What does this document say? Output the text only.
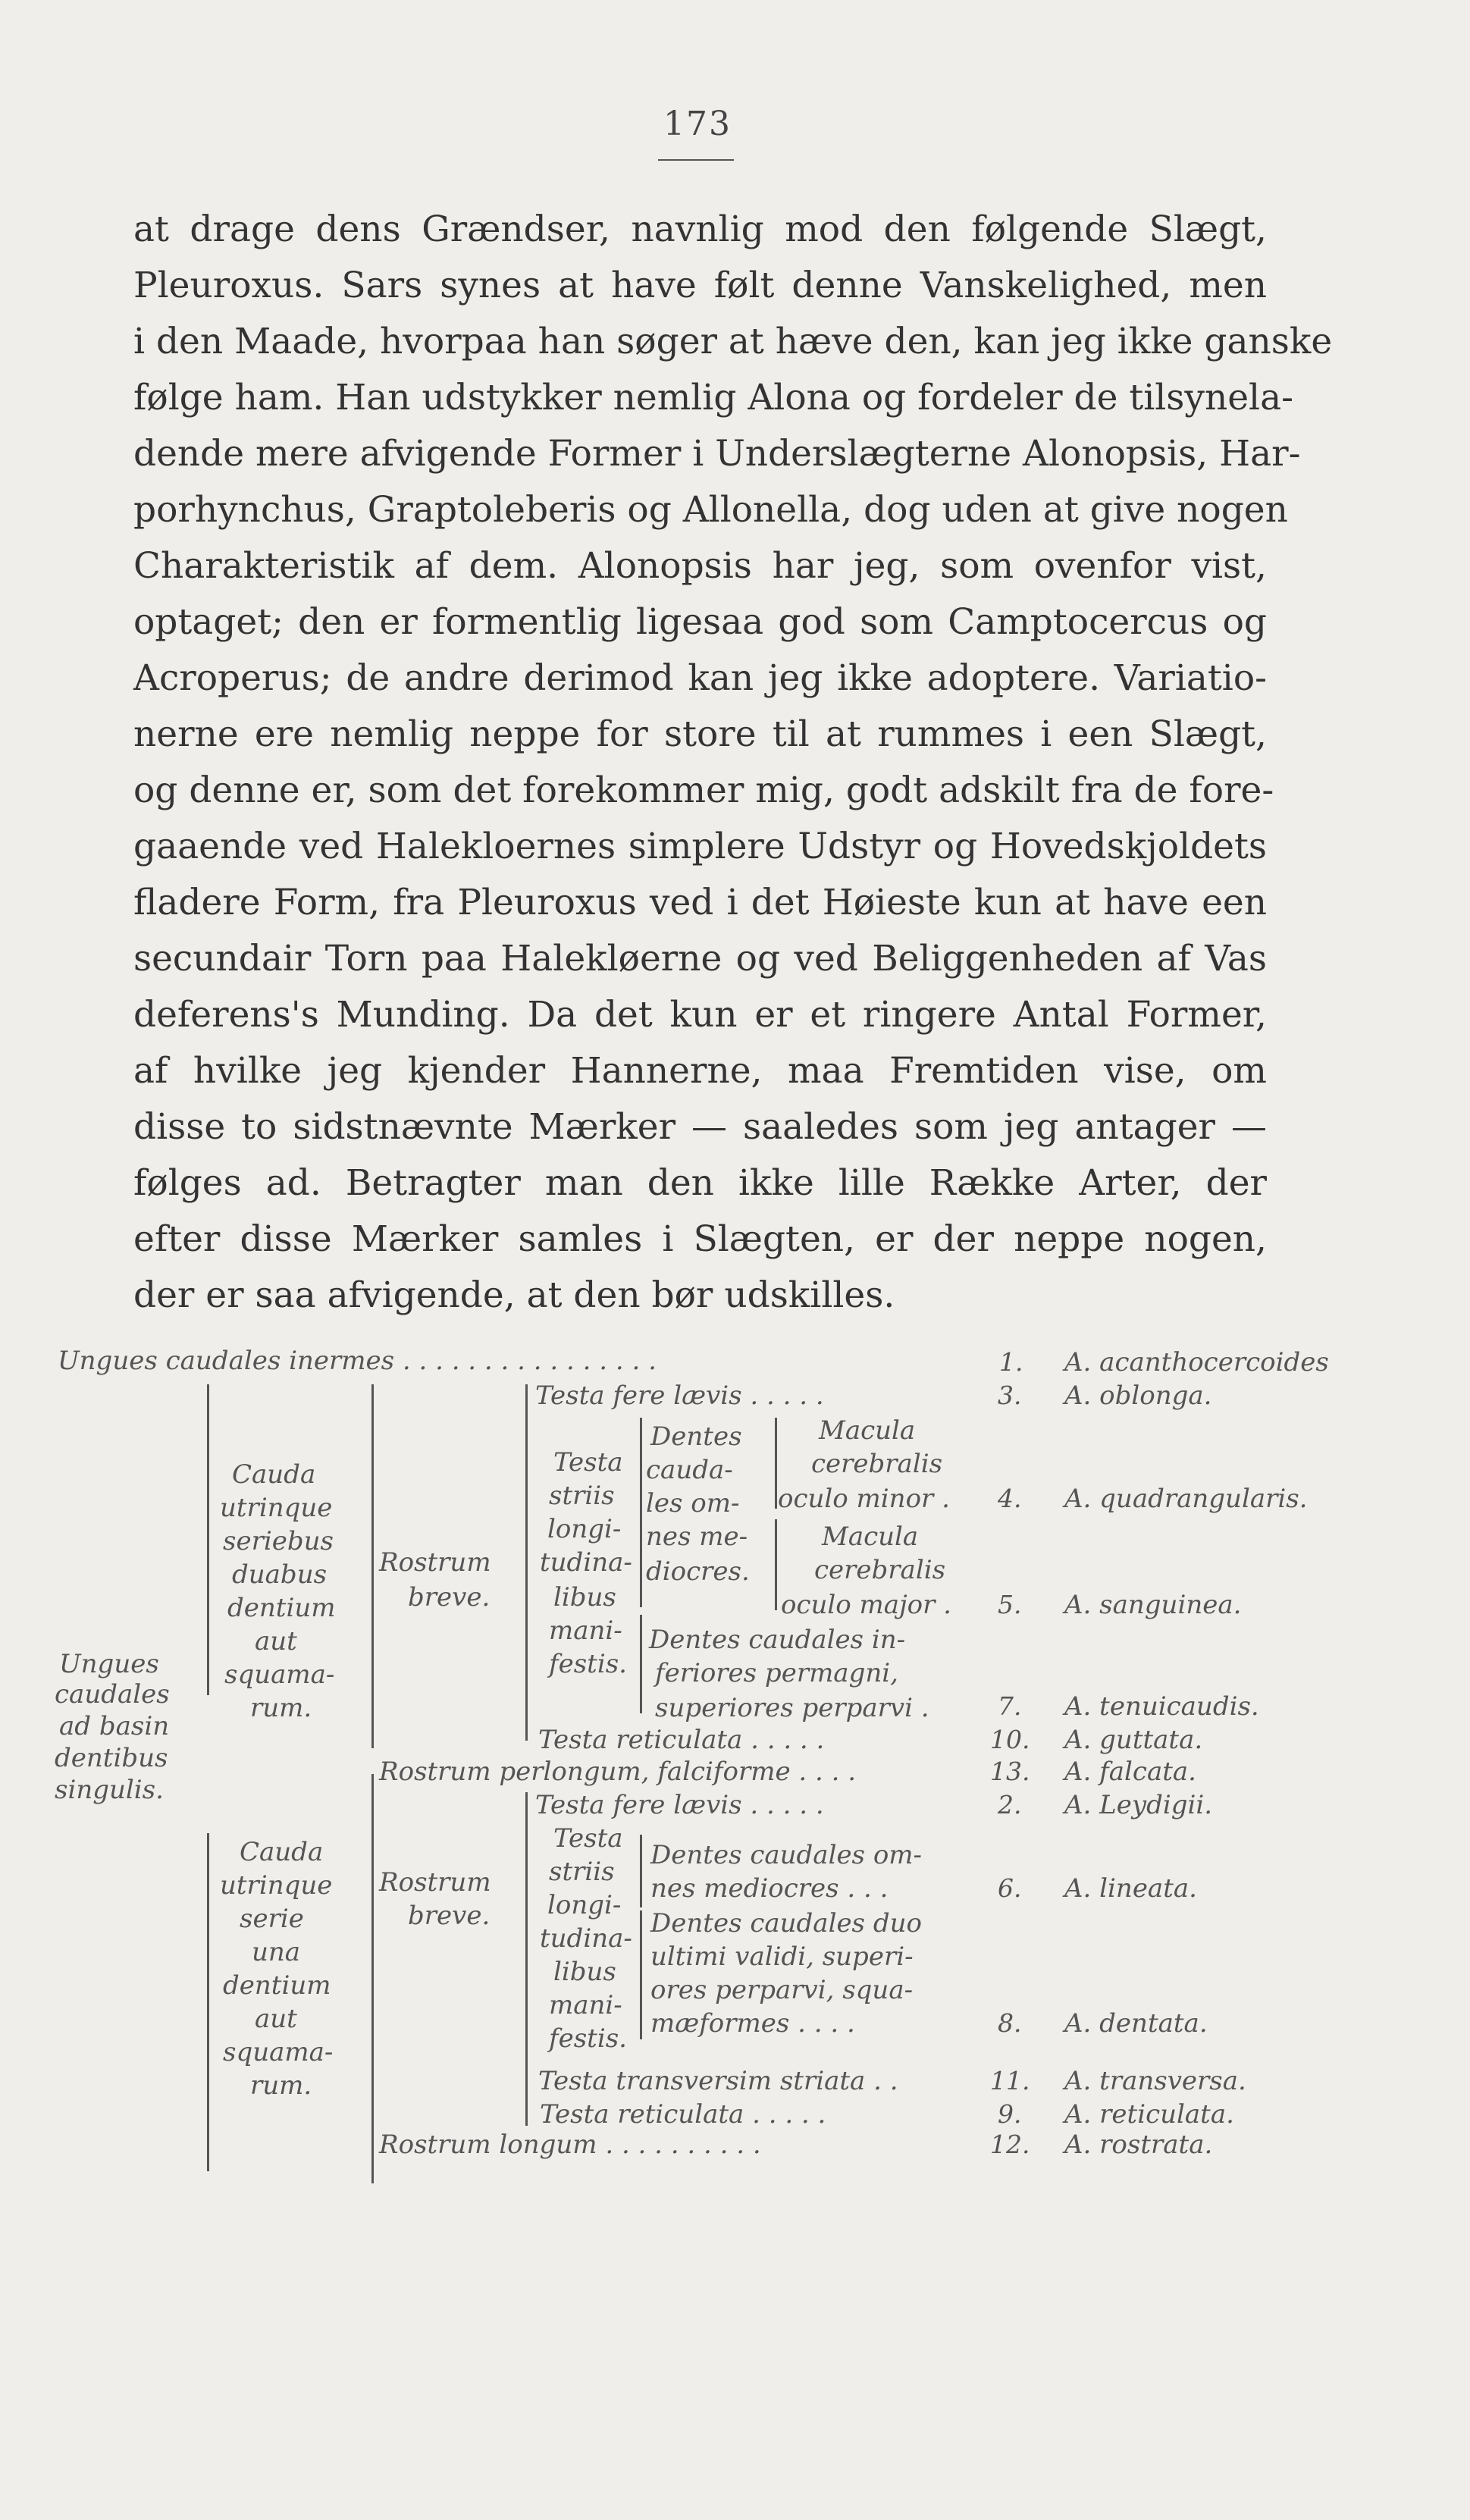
173
at drage dens Grændser, navnlig mod den følgende Slægt,
Pleuroxus. Sars synes at have følt denne Vanskelighed, men
i den Maade, hvorpaa han søger at hæve den, kan jeg ikke ganske
følge ham. Han udstykker nemlig Alona og fordeler de tilsynela-
dende mere afvigende Former i Underslægterne Alonopsis, Har-
porhynchus, Graptoleberis og Allonella, dog uden at give nogen
Charakteristik af dem. Alonopsis har jeg, som ovenfor vist,
optaget; den er formentlig ligesaa god som Camptocercus og
Acroperus; de andre derimod kan jeg ikke adoptere. Variatio-
nerne ere nemlig neppe for store til at rummes i een Slægt,
og denne er, som det forekommer mig, godt adskilt fra de fore-
gaaende ved Halekloernes simplere Udstyr og Hovedskjoldets
fladere Form, fra Pleuroxus ved i det Høieste kun at have een
secundair Torn paa Halekløerne og ved Beliggenheden af Vas
deferens's Munding. Da det kun er et ringere Antal Former,
af hvilke jeg kjender Hannerne, maa Fremtiden vise, om
disse to sidstnævnte Mærker — saaledes som jeg antager —
følges ad. Betragter man den ikke lille Række Arter, der
efter disse Mærker samles i Slægten, er der neppe nogen,
der er saa afvigende, at den bør udskilles.
Ungues caudales inermes . . . . . . . . . . . . . . . .
Ungues
caudales
ad basin
dentibus
singulis.
Cauda
utrinque
seriebus
duabus
dentium
aut
squama-
rum.
Cauda
utrinque
serie
una
dentium
aut
squama-
rum.
Rostrum
breve.
Rostrum
breve.
Rostrum perlongum, falciforme . . . .
Rostrum longum . . . . . . . . . .
Testa fere lævis . . . . .
Testa
striis
longi-
tudina-
libus
mani-
festis.
Testa reticulata . . . . .
Dentes
cauda-
les om-
nes me-
diocres.
Dentes caudales in-
feriores permagni,
superiores perparvi .
Macula
cerebralis
oculo minor .
Macula
cerebralis
oculo major .
Testa fere lævis . . . . .
Testa
striis
longi-
tudina-
libus
mani-
festis.
Testa transversim striata . .
Testa reticulata . . . . .
Dentes caudales om-
nes mediocres . . .
Dentes caudales duo
ultimi validi, superi-
ores perparvi, squa-
mæformes . . . .
1.
3.
4.
5.
7.
10.
13.
2.
6.
8.
11.
9.
12.
A. acanthocercoides
A. oblonga.
A. quadrangularis.
A. sanguinea.
A. tenuicaudis.
A. guttata.
A. falcata.
A. Leydigii.
A. lineata.
A. dentata.
A. transversa.
A. reticulata.
A. rostrata.
